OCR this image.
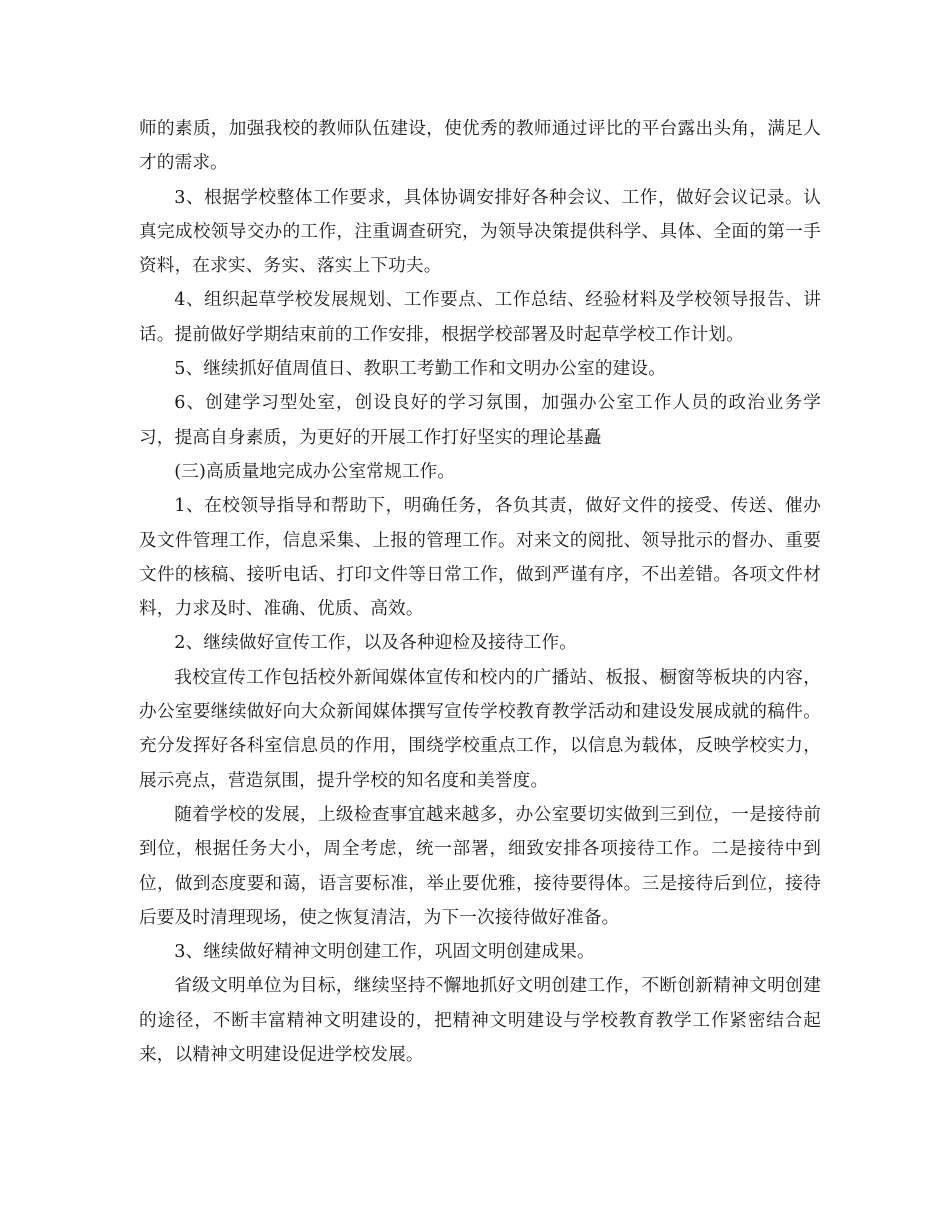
师的素质，加强我校的教师队伍建设，使优秀的教师通过评比的平台露出头角，满足人才的需求。

3、根据学校整体工作要求，具体协调安排好各种会议、工作，做好会议记录。认真完成校领导交办的工作，注重调查研究，为领导决策提供科学、具体、全面的第一手资料，在求实、务实、落实上下功夫。

4、组织起草学校发展规划、工作要点、工作总结、经验材料及学校领导报告、讲话。提前做好学期结束前的工作安排，根据学校部署及时起草学校工作计划。

5、继续抓好值周值日、教职工考勤工作和文明办公室的建设。

6、创建学习型处室，创设良好的学习氛围，加强办公室工作人员的政治业务学习，提高自身素质，为更好的开展工作打好坚实的理论基矗

(三)高质量地完成办公室常规工作。

1、在校领导指导和帮助下，明确任务，各负其责，做好文件的接受、传送、催办及文件管理工作，信息采集、上报的管理工作。对来文的阅批、领导批示的督办、重要文件的核稿、接听电话、打印文件等日常工作，做到严谨有序，不出差错。各项文件材料，力求及时、准确、优质、高效。

2、继续做好宣传工作，以及各种迎检及接待工作。

我校宣传工作包括校外新闻媒体宣传和校内的广播站、板报、橱窗等板块的内容，办公室要继续做好向大众新闻媒体撰写宣传学校教育教学活动和建设发展成就的稿件。充分发挥好各科室信息员的作用，围绕学校重点工作，以信息为载体，反映学校实力，展示亮点，营造氛围，提升学校的知名度和美誉度。

随着学校的发展，上级检查事宜越来越多，办公室要切实做到三到位，一是接待前到位，根据任务大小，周全考虑，统一部署，细致安排各项接待工作。二是接待中到位，做到态度要和蔼，语言要标准，举止要优雅，接待要得体。三是接待后到位，接待后要及时清理现场，使之恢复清洁，为下一次接待做好准备。

3、继续做好精神文明创建工作，巩固文明创建成果。

省级文明单位为目标，继续坚持不懈地抓好文明创建工作，不断创新精神文明创建的途径，不断丰富精神文明建设的，把精神文明建设与学校教育教学工作紧密结合起来，以精神文明建设促进学校发展。
